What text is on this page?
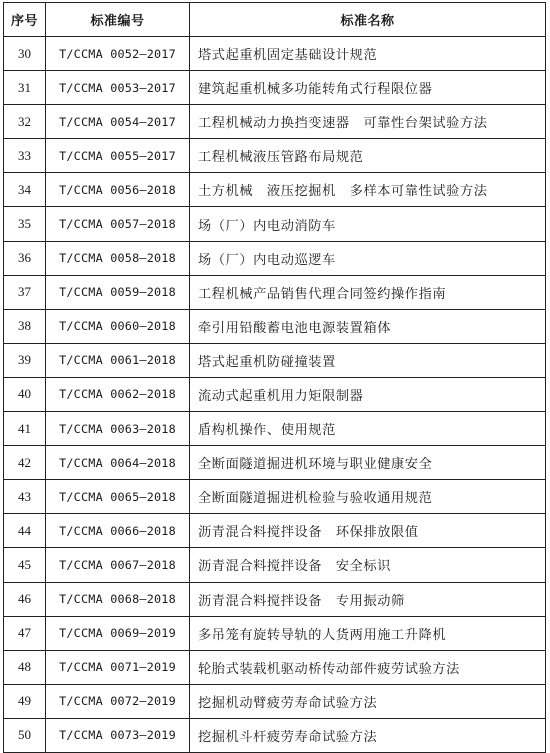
序号	标准编号	标准名称
30	T/CCMA 0052—2017	塔式起重机固定基础设计规范
31	T/CCMA 0053—2017	建筑起重机械多功能转角式行程限位器
32	T/CCMA 0054—2017	工程机械动力换挡变速器　可靠性台架试验方法
33	T/CCMA 0055—2017	工程机械液压管路布局规范
34	T/CCMA 0056—2018	土方机械　液压挖掘机　多样本可靠性试验方法
35	T/CCMA 0057—2018	场（厂）内电动消防车
36	T/CCMA 0058—2018	场（厂）内电动巡逻车
37	T/CCMA 0059—2018	工程机械产品销售代理合同签约操作指南
38	T/CCMA 0060—2018	牵引用铅酸蓄电池电源装置箱体
39	T/CCMA 0061—2018	塔式起重机防碰撞装置
40	T/CCMA 0062—2018	流动式起重机用力矩限制器
41	T/CCMA 0063—2018	盾构机操作、使用规范
42	T/CCMA 0064—2018	全断面隧道掘进机环境与职业健康安全
43	T/CCMA 0065—2018	全断面隧道掘进机检验与验收通用规范
44	T/CCMA 0066—2018	沥青混合料搅拌设备　环保排放限值
45	T/CCMA 0067—2018	沥青混合料搅拌设备　安全标识
46	T/CCMA 0068—2018	沥青混合料搅拌设备　专用振动筛
47	T/CCMA 0069—2019	多吊笼有旋转导轨的人货两用施工升降机
48	T/CCMA 0071—2019	轮胎式装载机驱动桥传动部件疲劳试验方法
49	T/CCMA 0072—2019	挖掘机动臂疲劳寿命试验方法
50	T/CCMA 0073—2019	挖掘机斗杆疲劳寿命试验方法
